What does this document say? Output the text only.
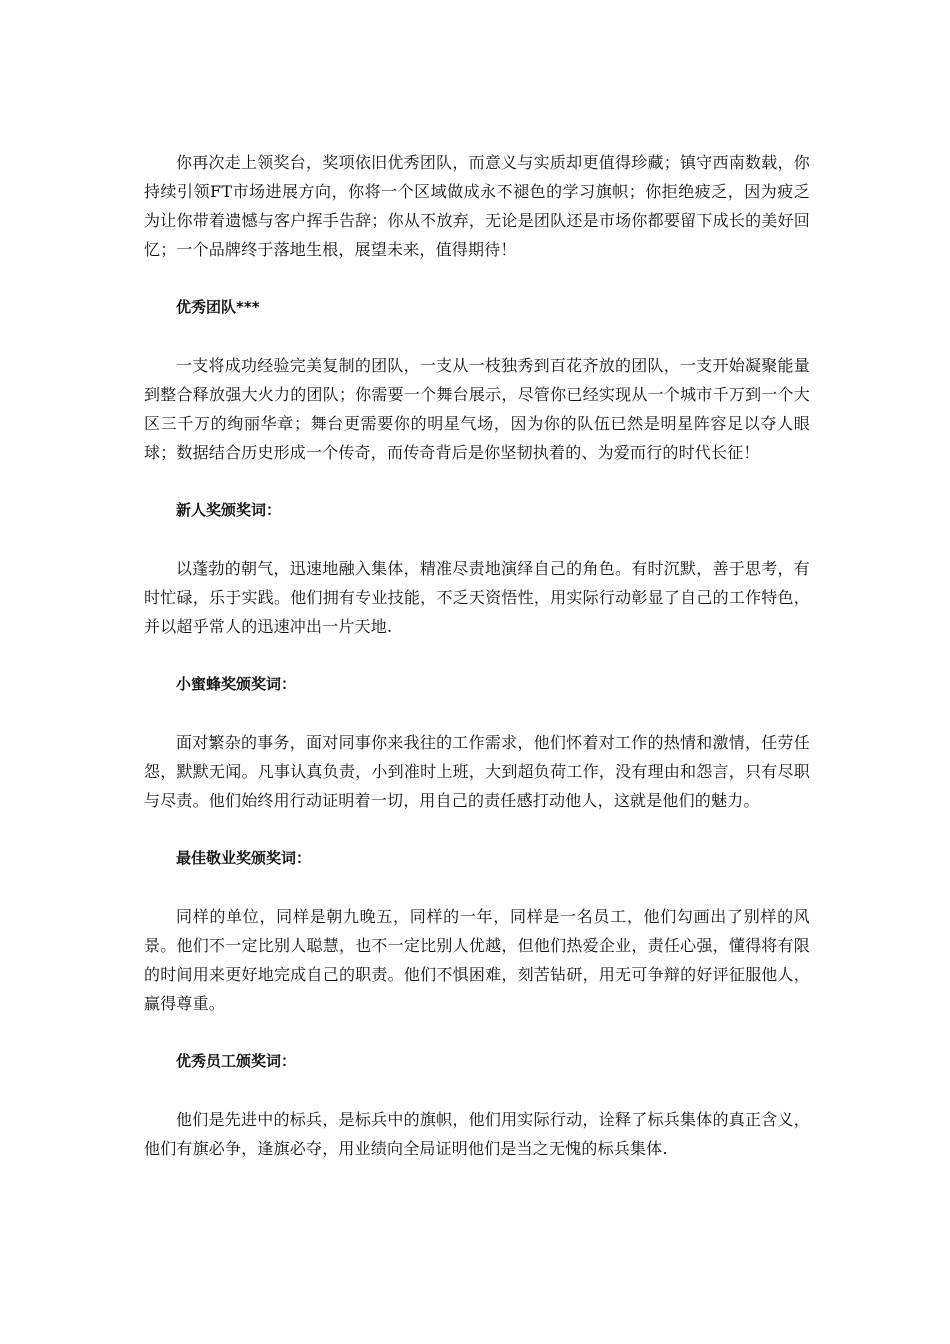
你再次走上领奖台，奖项依旧优秀团队，而意义与实质却更值得珍藏；镇守西南数载，你持续引领FT市场进展方向，你将一个区域做成永不褪色的学习旗帜；你拒绝疲乏，因为疲乏为让你带着遗憾与客户挥手告辞；你从不放弃，无论是团队还是市场你都要留下成长的美好回忆；一个品牌终于落地生根，展望未来，值得期待！

优秀团队***

一支将成功经验完美复制的团队，一支从一枝独秀到百花齐放的团队，一支开始凝聚能量到整合释放强大火力的团队；你需要一个舞台展示，尽管你已经实现从一个城市千万到一个大区三千万的绚丽华章；舞台更需要你的明星气场，因为你的队伍已然是明星阵容足以夺人眼球；数据结合历史形成一个传奇，而传奇背后是你坚韧执着的、为爱而行的时代长征！

新人奖颁奖词：

以蓬勃的朝气，迅速地融入集体，精准尽责地演绎自己的角色。有时沉默，善于思考，有时忙碌，乐于实践。他们拥有专业技能，不乏天资悟性，用实际行动彰显了自己的工作特色，并以超乎常人的迅速冲出一片天地.

小蜜蜂奖颁奖词：

面对繁杂的事务，面对同事你来我往的工作需求，他们怀着对工作的热情和激情，任劳任怨，默默无闻。凡事认真负责，小到准时上班，大到超负荷工作，没有理由和怨言，只有尽职与尽责。他们始终用行动证明着一切，用自己的责任感打动他人，这就是他们的魅力。

最佳敬业奖颁奖词：

同样的单位，同样是朝九晚五，同样的一年，同样是一名员工，他们勾画出了别样的风景。他们不一定比别人聪慧，也不一定比别人优越，但他们热爱企业，责任心强，懂得将有限的时间用来更好地完成自己的职责。他们不惧困难，刻苦钻研，用无可争辩的好评征服他人，赢得尊重。

优秀员工颁奖词：

他们是先进中的标兵，是标兵中的旗帜，他们用实际行动，诠释了标兵集体的真正含义，他们有旗必争，逢旗必夺，用业绩向全局证明他们是当之无愧的标兵集体.
